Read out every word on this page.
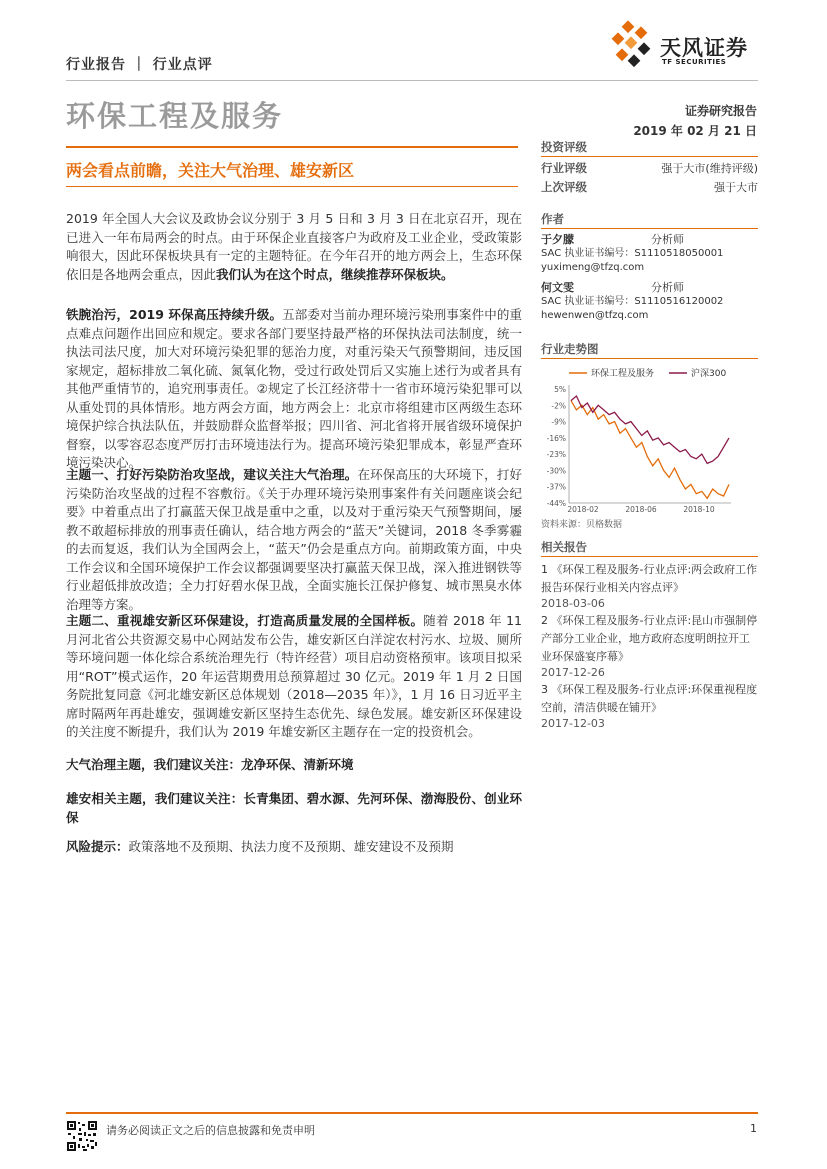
行业报告 ｜ 行业点评
天风证券
TF SECURITIES
环保工程及服务	证券研究报告
2019 年 02 月 21 日
两会看点前瞻，关注大气治理、雄安新区
2019 年全国人大会议及政协会议分别于 3 月 5 日和 3 月 3 日在北京召开，现在已进入一年布局两会的时点。由于环保企业直接客户为政府及工业企业，受政策影响很大，因此环保板块具有一定的主题特征。在今年召开的地方两会上，生态环保依旧是各地两会重点，因此我们认为在这个时点，继续推荐环保板块。
铁腕治污，2019 环保高压持续升级。五部委对当前办理环境污染刑事案件中的重点难点问题作出回应和规定。要求各部门要坚持最严格的环保执法司法制度，统一执法司法尺度，加大对环境污染犯罪的惩治力度，对重污染天气预警期间，违反国家规定，超标排放二氧化硫、氮氧化物，受过行政处罚后又实施上述行为或者具有其他严重情节的，追究刑事责任。②规定了长江经济带十一省市环境污染犯罪可以从重处罚的具体情形。地方两会方面，地方两会上：北京市将组建市区两级生态环境保护综合执法队伍，并鼓励群众监督举报；四川省、河北省将开展省级环境保护督察，以零容忍态度严厉打击环境违法行为。提高环境污染犯罪成本，彰显严查环境污染决心。
主题一、打好污染防治攻坚战，建议关注大气治理。在环保高压的大环境下，打好污染防治攻坚战的过程不容敷衍。《关于办理环境污染刑事案件有关问题座谈会纪要》中着重点出了打赢蓝天保卫战是重中之重，以及对于重污染天气预警期间，屡教不敢超标排放的刑事责任确认，结合地方两会的“蓝天”关键词，2018 冬季雾霾的去而复返，我们认为全国两会上，“蓝天”仍会是重点方向。前期政策方面，中央工作会议和全国环境保护工作会议都强调要坚决打赢蓝天保卫战，深入推进钢铁等行业超低排放改造；全力打好碧水保卫战，全面实施长江保护修复、城市黑臭水体治理等方案。
主题二、重视雄安新区环保建设，打造高质量发展的全国样板。随着 2018 年 11 月河北省公共资源交易中心网站发布公告，雄安新区白洋淀农村污水、垃圾、厕所等环境问题一体化综合系统治理先行（特许经营）项目启动资格预审。该项目拟采用“ROT”模式运作，20 年运营期费用总预算超过 30 亿元。2019 年 1 月 2 日国务院批复同意《河北雄安新区总体规划（2018—2035 年）》，1 月 16 日习近平主席时隔两年再赴雄安，强调雄安新区坚持生态优先、绿色发展。雄安新区环保建设的关注度不断提升，我们认为 2019 年雄安新区主题存在一定的投资机会。
大气治理主题，我们建议关注：龙净环保、清新环境
雄安相关主题，我们建议关注：长青集团、碧水源、先河环保、渤海股份、创业环保
风险提示：政策落地不及预期、执法力度不及预期、雄安建设不及预期
投资评级
行业评级	强于大市(维持评级)
上次评级	强于大市
作者
于夕朦	分析师
SAC 执业证书编号：S1110518050001
yuximeng@tfzq.com
何文雯	分析师
SAC 执业证书编号：S1110516120002
hewenwen@tfzq.com
行业走势图
环保工程及服务	沪深300
5%
-2%
-9%
-16%
-23%
-30%
-37%
-44%
2018-02	2018-06	2018-10
资料来源：贝格数据
相关报告
1 《环保工程及服务-行业点评:两会政府工作报告环保行业相关内容点评》
2018-03-06
2 《环保工程及服务-行业点评:昆山市强制停产部分工业企业，地方政府态度明朗拉开工业环保盛宴序幕》
2017-12-26
3 《环保工程及服务-行业点评:环保重视程度空前，清洁供暖在铺开》
2017-12-03
请务必阅读正文之后的信息披露和免责申明	1
